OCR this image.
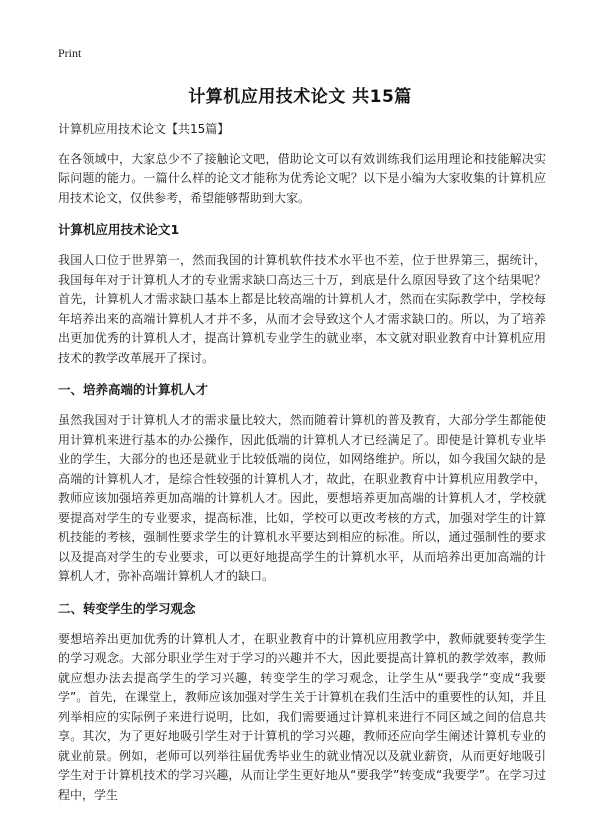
Print
计算机应用技术论文 共15篇

计算机应用技术论文【共15篇】

在各领域中，大家总少不了接触论文吧，借助论文可以有效训练我们运用理论和技能解决实际问题的能力。一篇什么样的论文才能称为优秀论文呢？以下是小编为大家收集的计算机应用技术论文，仅供参考，希望能够帮助到大家。

计算机应用技术论文1

我国人口位于世界第一，然而我国的计算机软件技术水平也不差，位于世界第三，据统计，我国每年对于计算机人才的专业需求缺口高达三十万，到底是什么原因导致了这个结果呢？首先，计算机人才需求缺口基本上都是比较高端的计算机人才，然而在实际教学中，学校每年培养出来的高端计算机人才并不多，从而才会导致这个人才需求缺口的。所以，为了培养出更加优秀的计算机人才，提高计算机专业学生的就业率，本文就对职业教育中计算机应用技术的教学改革展开了探讨。

一、培养高端的计算机人才

虽然我国对于计算机人才的需求量比较大，然而随着计算机的普及教育，大部分学生都能使用计算机来进行基本的办公操作，因此低端的计算机人才已经满足了。即使是计算机专业毕业的学生，大部分的也还是就业于比较低端的岗位，如网络维护。所以，如今我国欠缺的是高端的计算机人才，是综合性较强的计算机人才，故此，在职业教育中计算机应用教学中，教师应该加强培养更加高端的计算机人才。因此，要想培养更加高端的计算机人才，学校就要提高对学生的专业要求，提高标准，比如，学校可以更改考核的方式，加强对学生的计算机技能的考核，强制性要求学生的计算机水平要达到相应的标准。所以，通过强制性的要求以及提高对学生的专业要求，可以更好地提高学生的计算机水平，从而培养出更加高端的计算机人才，弥补高端计算机人才的缺口。

二、转变学生的学习观念

要想培养出更加优秀的计算机人才，在职业教育中的计算机应用教学中，教师就要转变学生的学习观念。大部分职业学生对于学习的兴趣并不大，因此要提高计算机的教学效率，教师就应想办法去提高学生的学习兴趣，转变学生的学习观念，让学生从“要我学”变成“我要学”。首先，在课堂上，教师应该加强对学生关于计算机在我们生活中的重要性的认知，并且列举相应的实际例子来进行说明，比如，我们需要通过计算机来进行不同区域之间的信息共享。其次，为了更好地吸引学生对于计算机的学习兴趣，教师还应向学生阐述计算机专业的就业前景。例如，老师可以列举往届优秀毕业生的就业情况以及就业薪资，从而更好地吸引学生对于计算机技术的学习兴趣，从而让学生更好地从“要我学”转变成“我要学”。在学习过程中，学生
